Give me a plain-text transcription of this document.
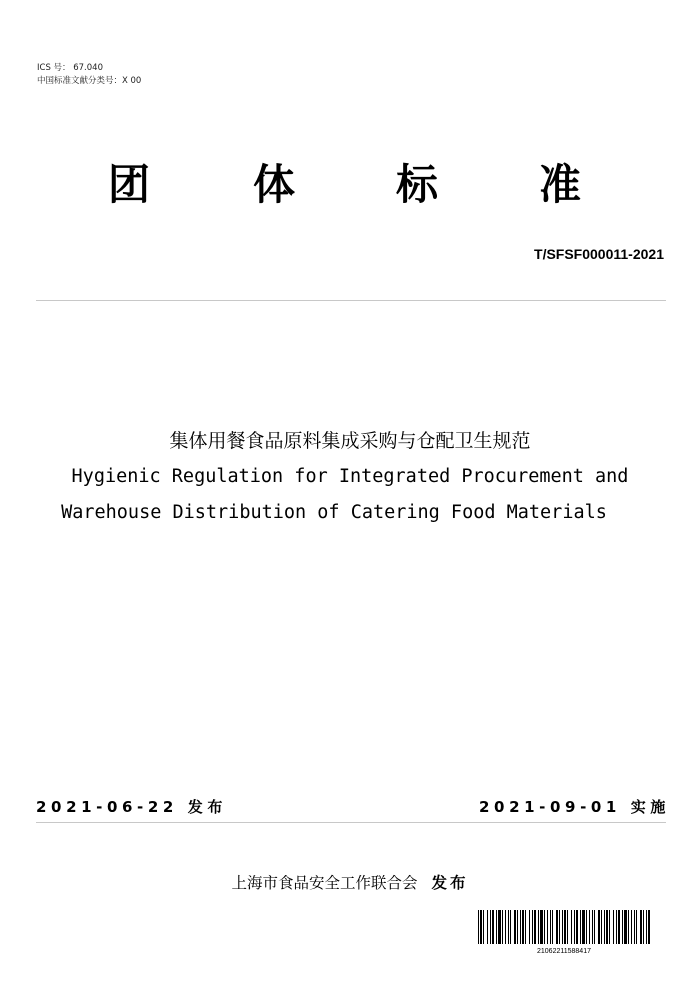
ICS 号： 67.040
中国标准文献分类号：X 00
团 体 标 准
T/SFSF000011-2021
集体用餐食品原料集成采购与仓配卫生规范
Hygienic Regulation for Integrated Procurement and
Warehouse Distribution of Catering Food Materials
2021-06-22 发布	2021-09-01 实施
上海市食品安全工作联合会 发布
21062211588417
